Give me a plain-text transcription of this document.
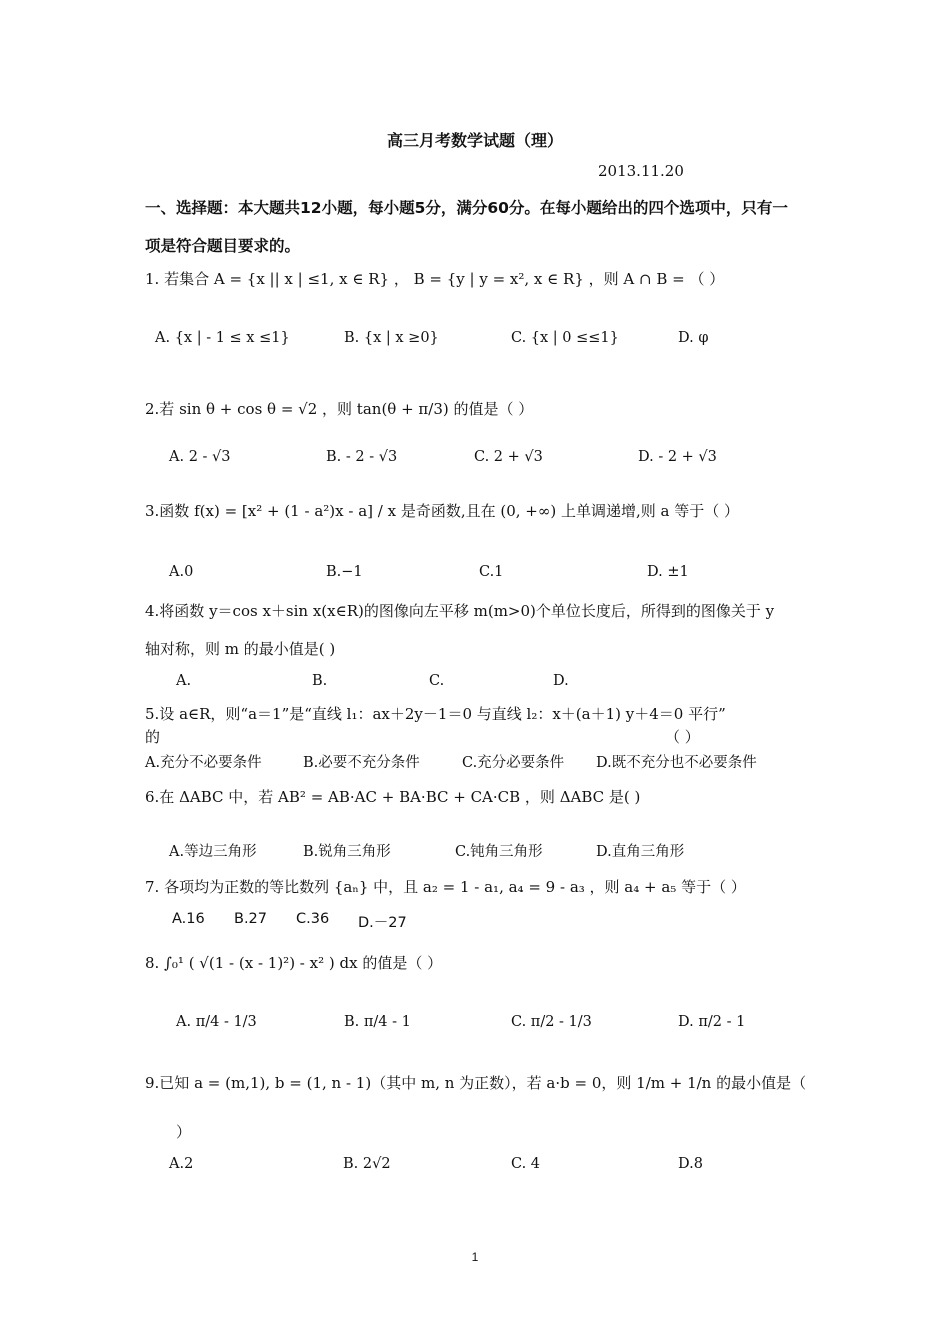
高三月考数学试题（理）
2013.11.20
一、选择题：本大题共12小题，每小题5分，满分60分。在每小题给出的四个选项中，只有一
项是符合题目要求的。
1. 若集合 A = {x || x | ≤1, x ∈ R} ， B = {y | y = x², x ∈ R} ，则 A ∩ B = （ ）
A. {x | - 1 ≤ x ≤1}	B. {x | x ≥0}	C. {x | 0 ≤≤1}	D. φ
2.若 sin θ + cos θ = √2 ，则 tan(θ + π/3) 的值是（ ）
A. 2 - √3	B. - 2 - √3	C. 2 + √3	D. - 2 + √3
3.函数 f(x) = [x² + (1 - a²)x - a] / x 是奇函数,且在 (0, +∞) 上单调递增,则 a 等于（ ）
A.0	B.−1	C.1	D. ±1
4.将函数 y＝cos x＋sin x(x∈R)的图像向左平移 m(m>0)个单位长度后，所得到的图像关于 y
轴对称，则 m 的最小值是( )
A.	B.	C.	D.
5.设 a∈R，则“a＝1”是“直线 l₁：ax＋2y－1＝0 与直线 l₂：x＋(a＋1) y＋4＝0 平行”
的	（ ）
A.充分不必要条件	B.必要不充分条件	C.充分必要条件 D.既不充分也不必要条件
6.在 ΔABC 中，若 AB² = AB·AC + BA·BC + CA·CB ，则 ΔABC 是( )
A.等边三角形	B.锐角三角形	C.钝角三角形	D.直角三角形
7. 各项均为正数的等比数列 {aₙ} 中，且 a₂ = 1 - a₁, a₄ = 9 - a₃ ，则 a₄ + a₅ 等于（ ）
A.16 B.27 C.36 D.－27
8. ∫₀¹ ( √(1 - (x - 1)²) - x² ) dx 的值是（ ）
A. π/4 - 1/3	B. π/4 - 1	C. π/2 - 1/3	D. π/2 - 1
9.已知 a = (m,1), b = (1, n - 1)（其中 m, n 为正数），若 a·b = 0，则 1/m + 1/n 的最小值是（
）
A.2	B. 2√2	C. 4	D.8
1
